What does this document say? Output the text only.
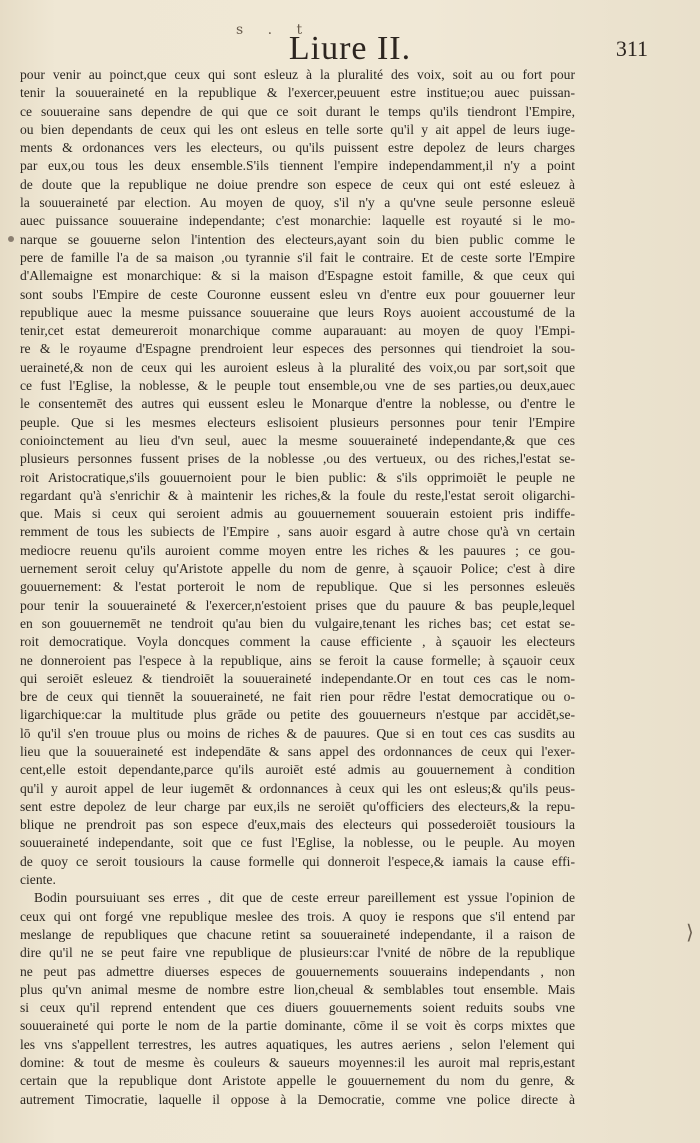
s . t
Liure II.	311
⟩
pour venir au poinct,que ceux qui sont esleuz à la pluralité des voix, soit au ou fort pour
tenir la souueraineté en la republique & l'exercer,peuuent estre institue;ou auec puissan-
ce souueraine sans dependre de qui que ce soit durant le temps qu'ils tiendront l'Empire,
ou bien dependants de ceux qui les ont esleus en telle sorte qu'il y ait appel de leurs iuge-
ments & ordonances vers les electeurs, ou qu'ils puissent estre depolez de leurs charges
par eux,ou tous les deux ensemble.S'ils tiennent l'empire independamment,il n'y a point
de doute que la republique ne doiue prendre son espece de ceux qui ont esté esleuez à
la souueraineté par election. Au moyen de quoy, s'il n'y a qu'vne seule personne esleuë
auec puissance souueraine independante; c'est monarchie: laquelle est royauté si le mo-
narque se gouuerne selon l'intention des electeurs,ayant soin du bien public comme le
pere de famille l'a de sa maison ,ou tyrannie s'il fait le contraire. Et de ceste sorte l'Empire
d'Allemaigne est monarchique: & si la maison d'Espagne estoit famille, & que ceux qui
sont soubs l'Empire de ceste Couronne eussent esleu vn d'entre eux pour gouuerner leur
republique auec la mesme puissance souueraine que leurs Roys auoient accoustumé de la
tenir,cet estat demeureroit monarchique comme auparauant: au moyen de quoy l'Empi-
re & le royaume d'Espagne prendroient leur especes des personnes qui tiendroiet la sou-
ueraineté,& non de ceux qui les auroient esleus à la pluralité des voix,ou par sort,soit que
ce fust l'Eglise, la noblesse, & le peuple tout ensemble,ou vne de ses parties,ou deux,auec
le consentemēt des autres qui eussent esleu le Monarque d'entre la noblesse, ou d'entre le
peuple. Que si les mesmes electeurs eslisoient plusieurs personnes pour tenir l'Empire
conioinctement au lieu d'vn seul, auec la mesme souueraineté independante,& que ces
plusieurs personnes fussent prises de la noblesse ,ou des vertueux, ou des riches,l'estat se-
roit Aristocratique,s'ils gouuernoient pour le bien public: & s'ils opprimoiēt le peuple ne
regardant qu'à s'enrichir & à maintenir les riches,& la foule du reste,l'estat seroit oligarchi-
que. Mais si ceux qui seroient admis au gouuernement souuerain estoient pris indiffe-
remment de tous les subiects de l'Empire , sans auoir esgard à autre chose qu'à vn certain
mediocre reuenu qu'ils auroient comme moyen entre les riches & les pauures ; ce gou-
uernement seroit celuy qu'Aristote appelle du nom de genre, à sçauoir Police; c'est à dire
gouuernement: & l'estat porteroit le nom de republique. Que si les personnes esleuës
pour tenir la souueraineté & l'exercer,n'estoient prises que du pauure & bas peuple,lequel
en son gouuernemēt ne tendroit qu'au bien du vulgaire,tenant les riches bas; cet estat se-
roit democratique. Voyla doncques comment la cause efficiente , à sçauoir les electeurs
ne donneroient pas l'espece à la republique, ains se feroit la cause formelle; à sçauoir ceux
qui seroiēt esleuez & tiendroiēt la souueraineté independante.Or en tout ces cas le nom-
bre de ceux qui tiennēt la souueraineté, ne fait rien pour rēdre l'estat democratique ou o-
ligarchique:car la multitude plus grāde ou petite des gouuerneurs n'estque par accidēt,se-
lō qu'il s'en trouue plus ou moins de riches & de pauures. Que si en tout ces cas susdits au
lieu que la souueraineté est independāte & sans appel des ordonnances de ceux qui l'exer-
cent,elle estoit dependante,parce qu'ils auroiēt esté admis au gouuernement à condition
qu'il y auroit appel de leur iugemēt & ordonnances à ceux qui les ont esleus;& qu'ils peus-
sent estre depolez de leur charge par eux,ils ne seroiēt qu'officiers des electeurs,& la repu-
blique ne prendroit pas son espece d'eux,mais des electeurs qui possederoiēt tousiours la
souueraineté independante, soit que ce fust l'Eglise, la noblesse, ou le peuple. Au moyen
de quoy ce seroit tousiours la cause formelle qui donneroit l'espece,& iamais la cause effi-
ciente.
Bodin poursuiuant ses erres , dit que de ceste erreur pareillement est yssue l'opinion de
ceux qui ont forgé vne republique meslee des trois. A quoy ie respons que s'il entend par
meslange de republiques que chacune retint sa souueraineté independante, il a raison de
dire qu'il ne se peut faire vne republique de plusieurs:car l'vnité de nōbre de la republique
ne peut pas admettre diuerses especes de gouuernements souuerains independants , non
plus qu'vn animal mesme de nombre estre lion,cheual & semblables tout ensemble. Mais
si ceux qu'il reprend entendent que ces diuers gouuernements soient reduits soubs vne
souueraineté qui porte le nom de la partie dominante, cōme il se voit ès corps mixtes que
les vns s'appellent terrestres, les autres aquatiques, les autres aeriens , selon l'element qui
domine: & tout de mesme ès couleurs & saueurs moyennes:il les auroit mal repris,estant
certain que la republique dont Aristote appelle le gouuernement du nom du genre, &
autrement Timocratie, laquelle il oppose à la Democratie, comme vne police directe à
